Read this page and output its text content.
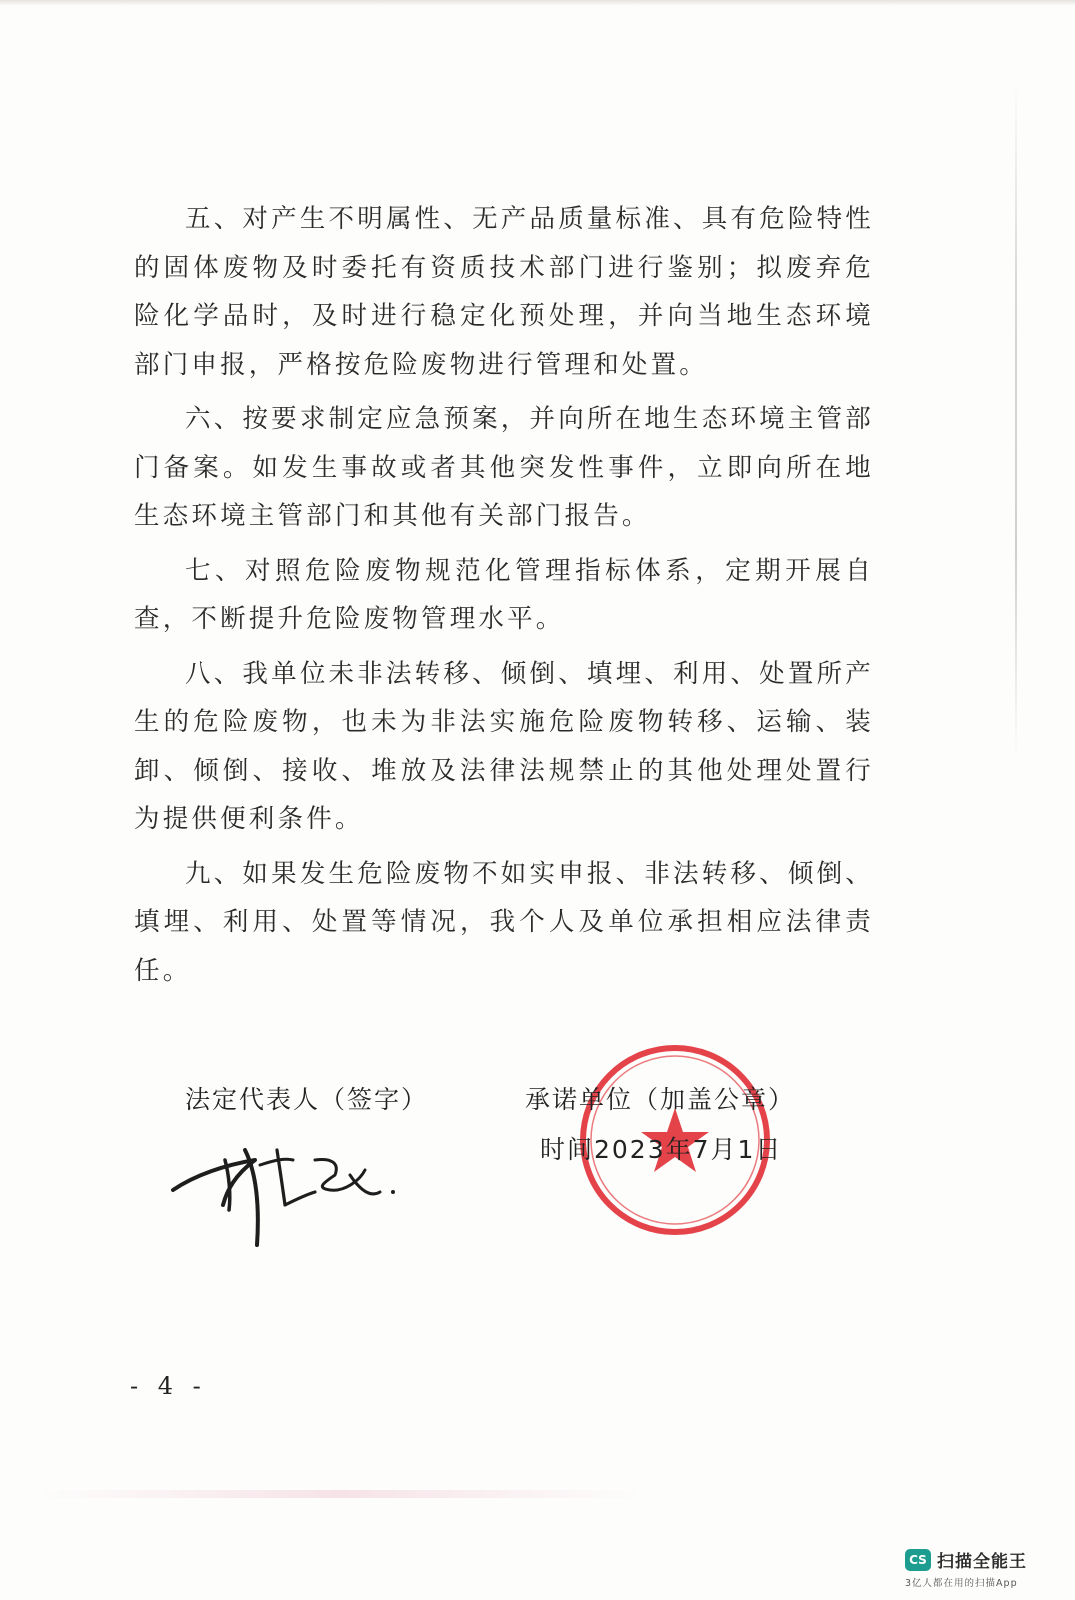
五、对产生不明属性、无产品质量标准、具有危险特性的固体废物及时委托有资质技术部门进行鉴别；拟废弃危险化学品时，及时进行稳定化预处理，并向当地生态环境部门申报，严格按危险废物进行管理和处置。

六、按要求制定应急预案，并向所在地生态环境主管部门备案。如发生事故或者其他突发性事件，立即向所在地生态环境主管部门和其他有关部门报告。

七、对照危险废物规范化管理指标体系，定期开展自查，不断提升危险废物管理水平。

八、我单位未非法转移、倾倒、填埋、利用、处置所产生的危险废物，也未为非法实施危险废物转移、运输、装卸、倾倒、接收、堆放及法律法规禁止的其他处理处置行为提供便利条件。

九、如果发生危险废物不如实申报、非法转移、倾倒、填埋、利用、处置等情况，我个人及单位承担相应法律责任。

法定代表人（签字）	承诺单位（加盖公章）
时间2023年7月1日
- 4 -
CS 扫描全能王
3亿人都在用的扫描App
